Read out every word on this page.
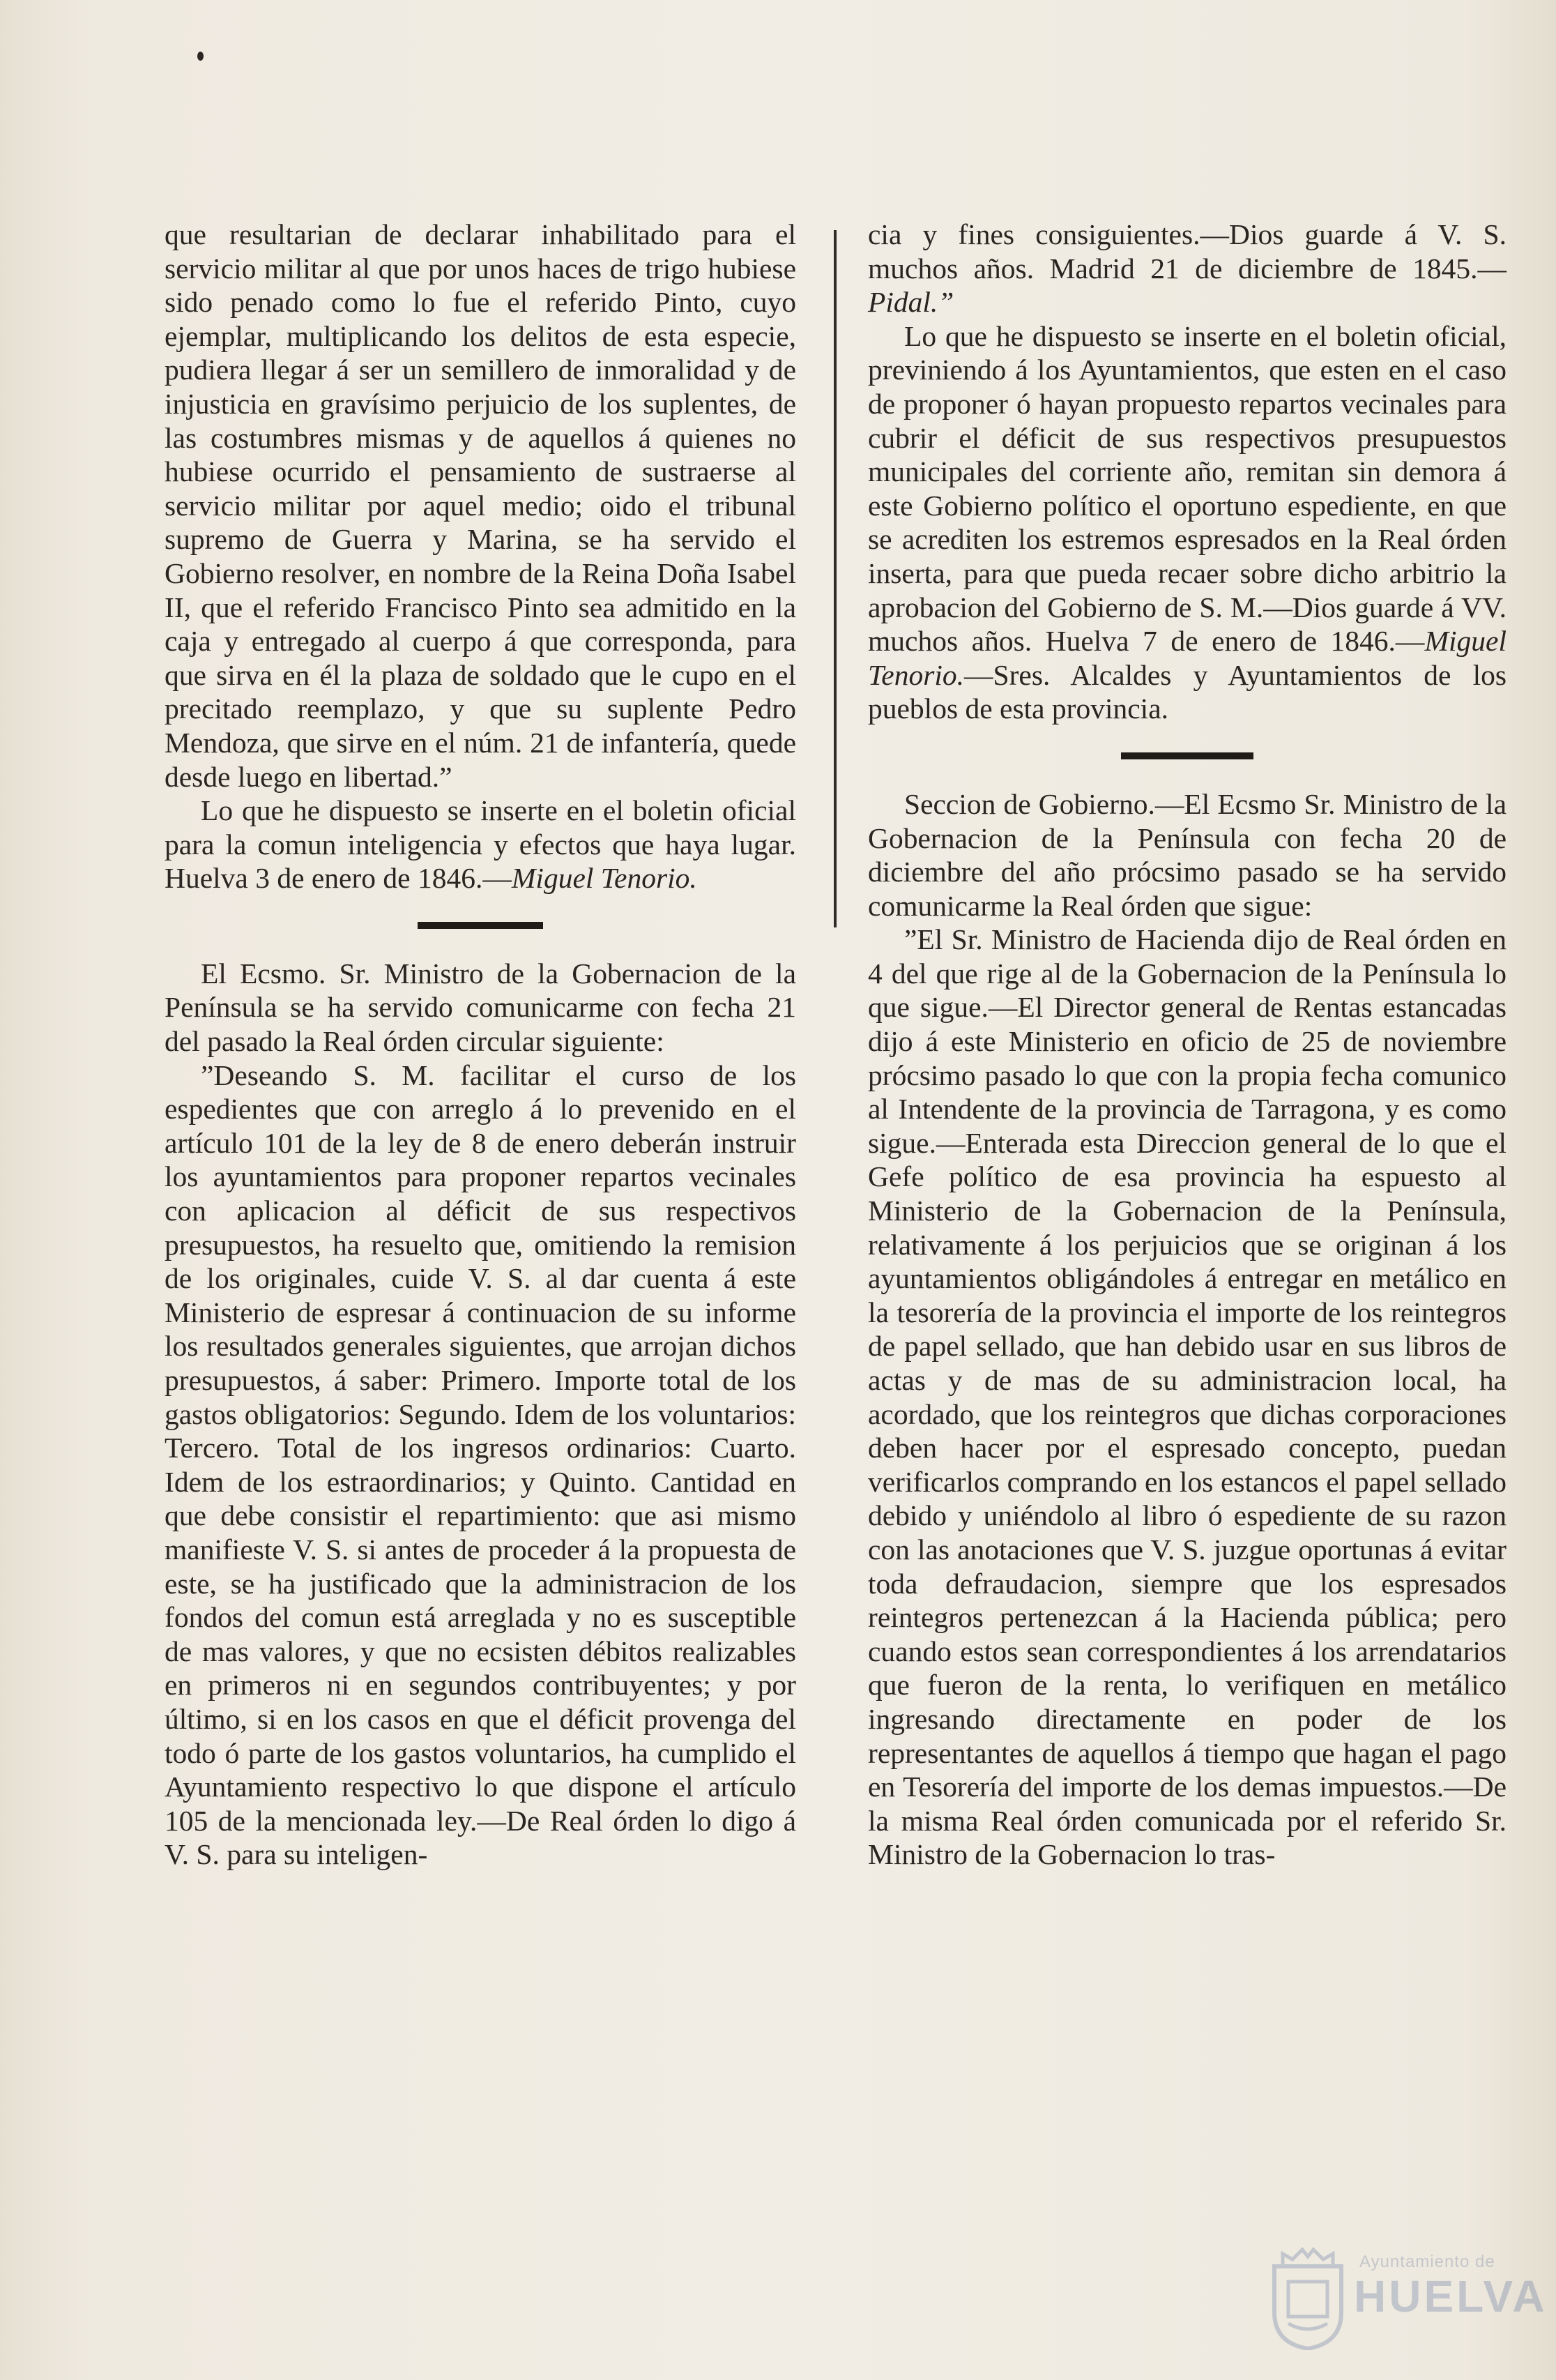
que resultarian de declarar inhabilitado para el servicio militar al que por unos haces de trigo hubiese sido penado como lo fue el referido Pinto, cuyo ejemplar, multiplicando los delitos de esta especie, pudiera llegar á ser un semillero de inmoralidad y de injusticia en gravísimo perjuicio de los suplentes, de las costumbres mismas y de aquellos á quienes no hubiese ocurrido el pensamiento de sustraerse al servicio militar por aquel medio; oido el tribunal supremo de Guerra y Marina, se ha servido el Gobierno resolver, en nombre de la Reina Doña Isabel II, que el referido Francisco Pinto sea admitido en la caja y entregado al cuerpo á que corresponda, para que sirva en él la plaza de soldado que le cupo en el precitado reemplazo, y que su suplente Pedro Mendoza, que sirve en el núm. 21 de infantería, quede desde luego en libertad.”

Lo que he dispuesto se inserte en el boletin oficial para la comun inteligencia y efectos que haya lugar. Huelva 3 de enero de 1846.—Miguel Tenorio.

El Ecsmo. Sr. Ministro de la Gobernacion de la Península se ha servido comunicarme con fecha 21 del pasado la Real órden circular siguiente:

”Deseando S. M. facilitar el curso de los espedientes que con arreglo á lo prevenido en el artículo 101 de la ley de 8 de enero deberán instruir los ayuntamientos para proponer repartos vecinales con aplicacion al déficit de sus respectivos presupuestos, ha resuelto que, omitiendo la remision de los originales, cuide V. S. al dar cuenta á este Ministerio de espresar á continuacion de su informe los resultados generales siguientes, que arrojan dichos presupuestos, á saber: Primero. Importe total de los gastos obligatorios: Segundo. Idem de los voluntarios: Tercero. Total de los ingresos ordinarios: Cuarto. Idem de los estraordinarios; y Quinto. Cantidad en que debe consistir el repartimiento: que asi mismo manifieste V. S. si antes de proceder á la propuesta de este, se ha justificado que la administracion de los fondos del comun está arreglada y no es susceptible de mas valores, y que no ecsisten débitos realizables en primeros ni en segundos contribuyentes; y por último, si en los casos en que el déficit provenga del todo ó parte de los gastos voluntarios, ha cumplido el Ayuntamiento respectivo lo que dispone el artículo 105 de la mencionada ley.—De Real órden lo digo á V. S. para su inteligen-

cia y fines consiguientes.—Dios guarde á V. S. muchos años. Madrid 21 de diciembre de 1845.—Pidal.”

Lo que he dispuesto se inserte en el boletin oficial, previniendo á los Ayuntamientos, que esten en el caso de proponer ó hayan propuesto repartos vecinales para cubrir el déficit de sus respectivos presupuestos municipales del corriente año, remitan sin demora á este Gobierno político el oportuno espediente, en que se acrediten los estremos espresados en la Real órden inserta, para que pueda recaer sobre dicho arbitrio la aprobacion del Gobierno de S. M.—Dios guarde á VV. muchos años. Huelva 7 de enero de 1846.—Miguel Tenorio.—Sres. Alcaldes y Ayuntamientos de los pueblos de esta provincia.

Seccion de Gobierno.—El Ecsmo Sr. Ministro de la Gobernacion de la Península con fecha 20 de diciembre del año prócsimo pasado se ha servido comunicarme la Real órden que sigue:

”El Sr. Ministro de Hacienda dijo de Real órden en 4 del que rige al de la Gobernacion de la Península lo que sigue.—El Director general de Rentas estancadas dijo á este Ministerio en oficio de 25 de noviembre prócsimo pasado lo que con la propia fecha comunico al Intendente de la provincia de Tarragona, y es como sigue.—Enterada esta Direccion general de lo que el Gefe político de esa provincia ha espuesto al Ministerio de la Gobernacion de la Península, relativamente á los perjuicios que se originan á los ayuntamientos obligándoles á entregar en metálico en la tesorería de la provincia el importe de los reintegros de papel sellado, que han debido usar en sus libros de actas y de mas de su administracion local, ha acordado, que los reintegros que dichas corporaciones deben hacer por el espresado concepto, puedan verificarlos comprando en los estancos el papel sellado debido y uniéndolo al libro ó espediente de su razon con las anotaciones que V. S. juzgue oportunas á evitar toda defraudacion, siempre que los espresados reintegros pertenezcan á la Hacienda pública; pero cuando estos sean correspondientes á los arrendatarios que fueron de la renta, lo verifiquen en metálico ingresando directamente en poder de los representantes de aquellos á tiempo que hagan el pago en Tesorería del importe de los demas impuestos.—De la misma Real órden comunicada por el referido Sr. Ministro de la Gobernacion lo tras-

Ayuntamiento de
HUELVA
